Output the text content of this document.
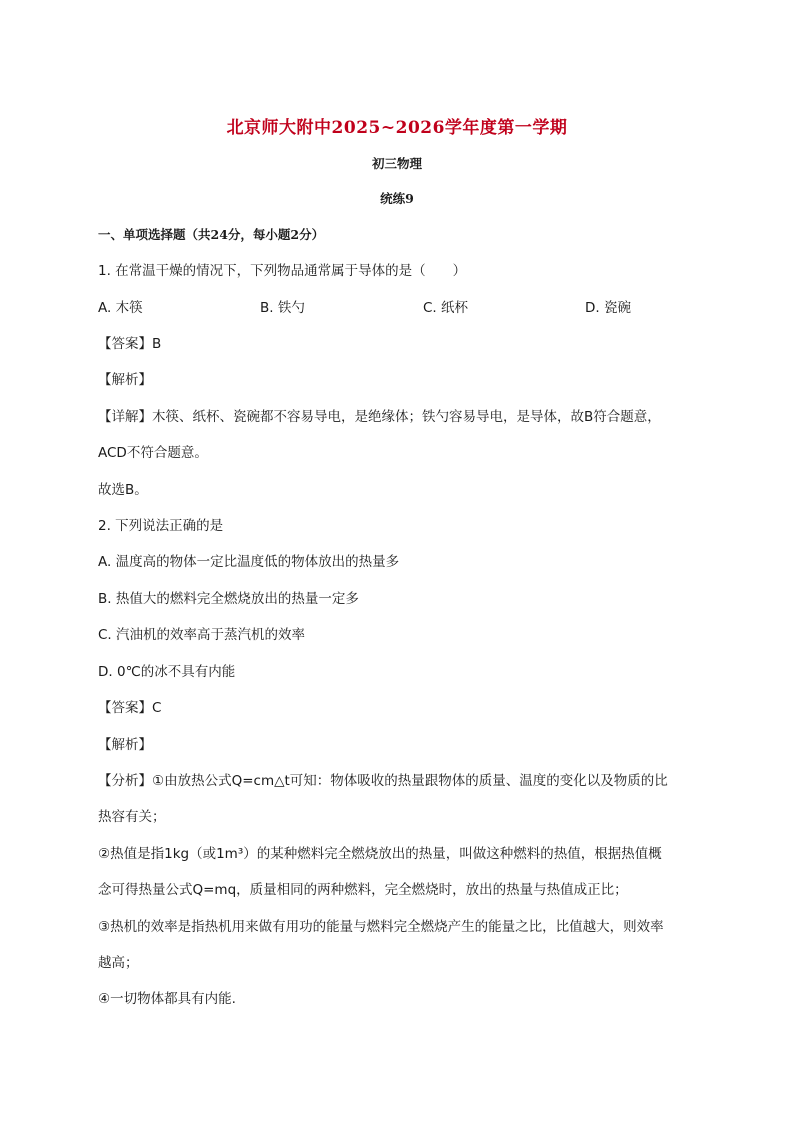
北京师大附中2025~2026学年度第一学期
初三物理
统练9
一、单项选择题（共24分，每小题2分）
1. 在常温干燥的情况下，下列物品通常属于导体的是（　　）
A. 木筷	B. 铁勺	C. 纸杯	D. 瓷碗
【答案】B
【解析】
【详解】木筷、纸杯、瓷碗都不容易导电，是绝缘体；铁勺容易导电，是导体，故B符合题意，
ACD不符合题意。
故选B。
2. 下列说法正确的是
A. 温度高的物体一定比温度低的物体放出的热量多
B. 热值大的燃料完全燃烧放出的热量一定多
C. 汽油机的效率高于蒸汽机的效率
D. 0℃的冰不具有内能
【答案】C
【解析】
【分析】①由放热公式Q=cm△t可知：物体吸收的热量跟物体的质量、温度的变化以及物质的比
热容有关；
②热值是指1kg（或1m³）的某种燃料完全燃烧放出的热量，叫做这种燃料的热值，根据热值概
念可得热量公式Q=mq，质量相同的两种燃料，完全燃烧时，放出的热量与热值成正比；
③热机的效率是指热机用来做有用功的能量与燃料完全燃烧产生的能量之比，比值越大，则效率
越高；
④一切物体都具有内能.
